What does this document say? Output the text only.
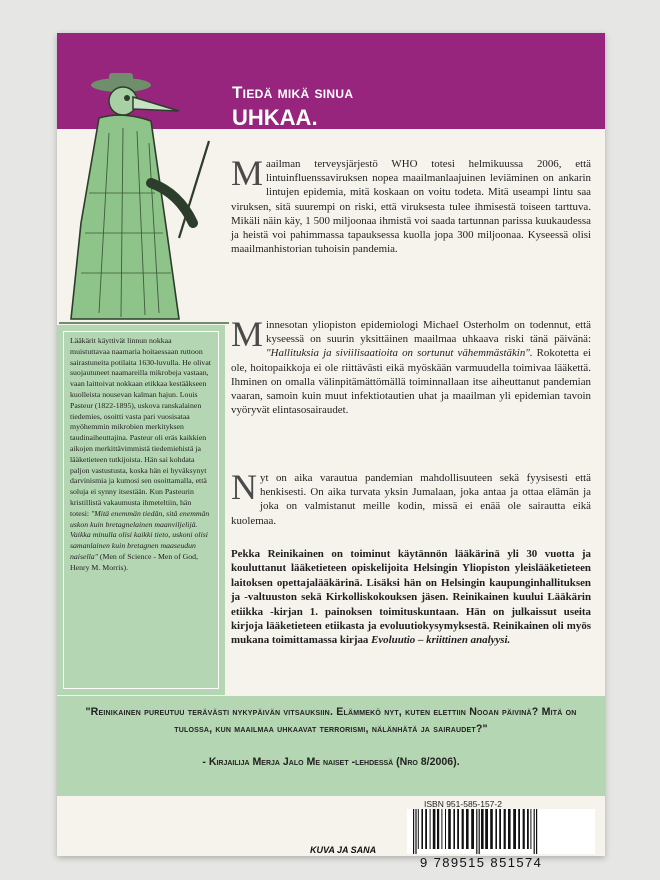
Tiedä mikä sinua
UHKAA.

Maailman terveysjärjestö WHO totesi helmikuussa 2006, että lintuinfluenssaviruksen nopea maailmanlaajuinen leviäminen on ankarin lintujen epidemia, mitä koskaan on voitu todeta. Mitä useampi lintu saa viruksen, sitä suurempi on riski, että viruksesta tulee ihmisestä toiseen tarttuva. Mikäli näin käy, 1 500 miljoonaa ihmistä voi saada tartunnan parissa kuukaudessa ja heistä voi pahimmassa tapauksessa kuolla jopa 300 miljoonaa. Kyseessä olisi maailmanhistorian tuhoisin pandemia.

Minnesotan yliopiston epidemiologi Michael Osterholm on todennut, että kyseessä on suurin yksittäinen maailmaa uhkaava riski tänä päivänä: "Hallituksia ja siviilisaatioita on sortunut vähemmästäkin". Rokotetta ei ole, hoitopaikkoja ei ole riittävästi eikä myöskään varmuudella toimivaa lääkettä. Ihminen on omalla välinpitämättömällä toiminnallaan itse aiheuttanut pandemian vaaran, samoin kuin muut infektiotautien uhat ja maailman yli epidemian tavoin vyöryvät elintasosairaudet.

Nyt on aika varautua pandemian mahdollisuuteen sekä fyysisesti että henkisesti. On aika turvata yksin Jumalaan, joka antaa ja ottaa elämän ja joka on valmistanut meille kodin, missä ei enää ole sairautta eikä kuolemaa.

Pekka Reinikainen on toiminut käytännön lääkärinä yli 30 vuotta ja kouluttanut lääketieteen opiskelijoita Helsingin Yliopiston yleislääketieteen laitoksen opettajalääkärinä. Lisäksi hän on Helsingin kaupunginhallituksen ja -valtuuston sekä Kirkolliskokouksen jäsen. Reinikainen kuului Lääkärin etiikka -kirjan 1. painoksen toimituskuntaan. Hän on julkaissut useita kirjoja lääketieteen etiikasta ja evoluutiokysymyksestä. Reinikainen oli myös mukana toimittamassa kirjaa Evoluutio – kriittinen analyysi.

Lääkärit käyttivät linnun nokkaa muistuttavaa naamaria hoitaessaan ruttoon sairastuneita potilaita 1630-luvulla. He olivat suojautuneet naamareilla mikrobeja vastaan, vaan laittoivat nokkaan etikkaa kestääkseen kuolleista nousevan kalman hajun. Louis Pasteur (1822-1895), uskova ranskalainen tiedemies, osoitti vasta pari vuosisataa myöhemmin mikrobien merkityksen taudinaiheuttajina. Pasteur oli eräs kaikkien aikojen merkittävimmistä tiedemiehistä ja lääketieteen tutkijoista. Hän sai kohdata paljon vastustusta, koska hän ei hyväksynyt darvinismia ja kumosi sen osoittamalla, että soluja ei synny itsestään. Kun Pasteurin kristillistä vakaumusta ihmeteltiin, hän totesi: "Mitä enemmän tiedän, sitä enemmän uskon kuin bretagnelainen maanviljelijä. Vaikka minulla olisi kaikki tieto, uskoni olisi samanlainen kuin bretagnen maaseudun naisella" (Men of Science - Men of God, Henry M. Morris).

"Reinikainen pureutuu terävästi nykypäivän vitsauksiin. Elämmekö nyt, kuten elettiin Nooan päivinä? Mitä on tulossa, kun maailmaa uhkaavat terrorismi, nälänhätä ja sairaudet?"
- Kirjailija Merja Jalo Me naiset -lehdessä (Nro 8/2006).
KUVA JA SANA
ISBN 951-585-157-2
9 789515 851574
